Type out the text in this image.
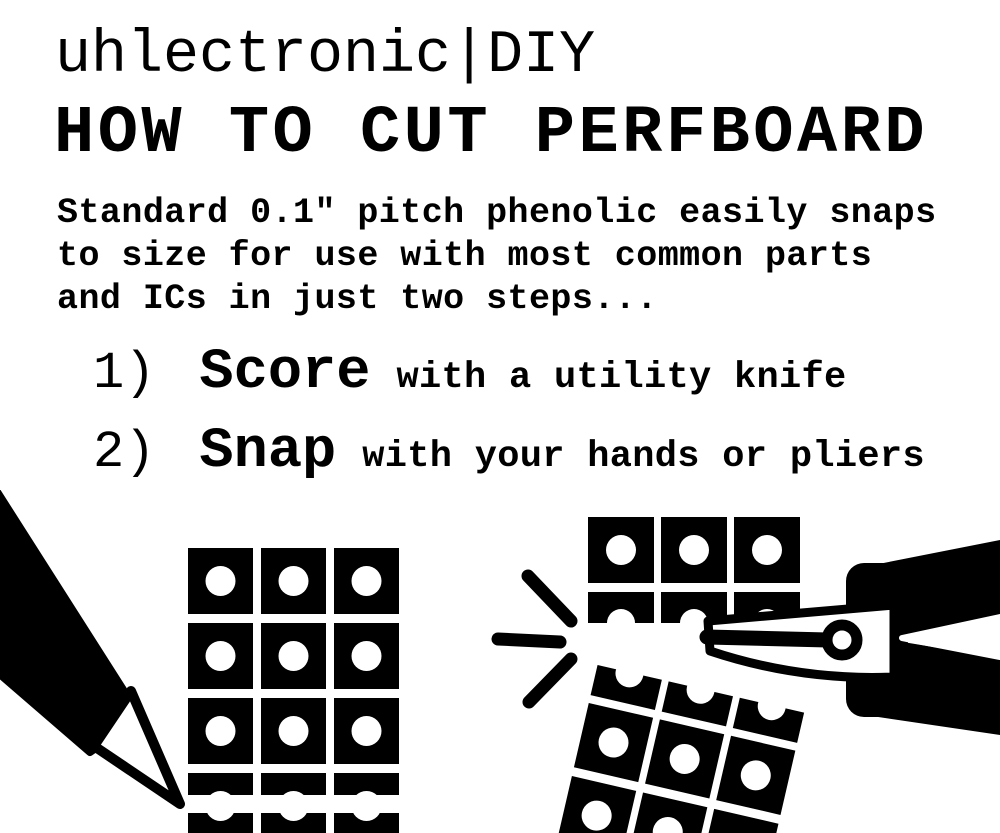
uhlectronic|DIY
HOW TO CUT PERFBOARD

Standard 0.1″ pitch phenolic easily snaps
to size for use with most common parts
and ICs in just two steps...

1) Score with a utility knife
2) Snap with your hands or pliers
